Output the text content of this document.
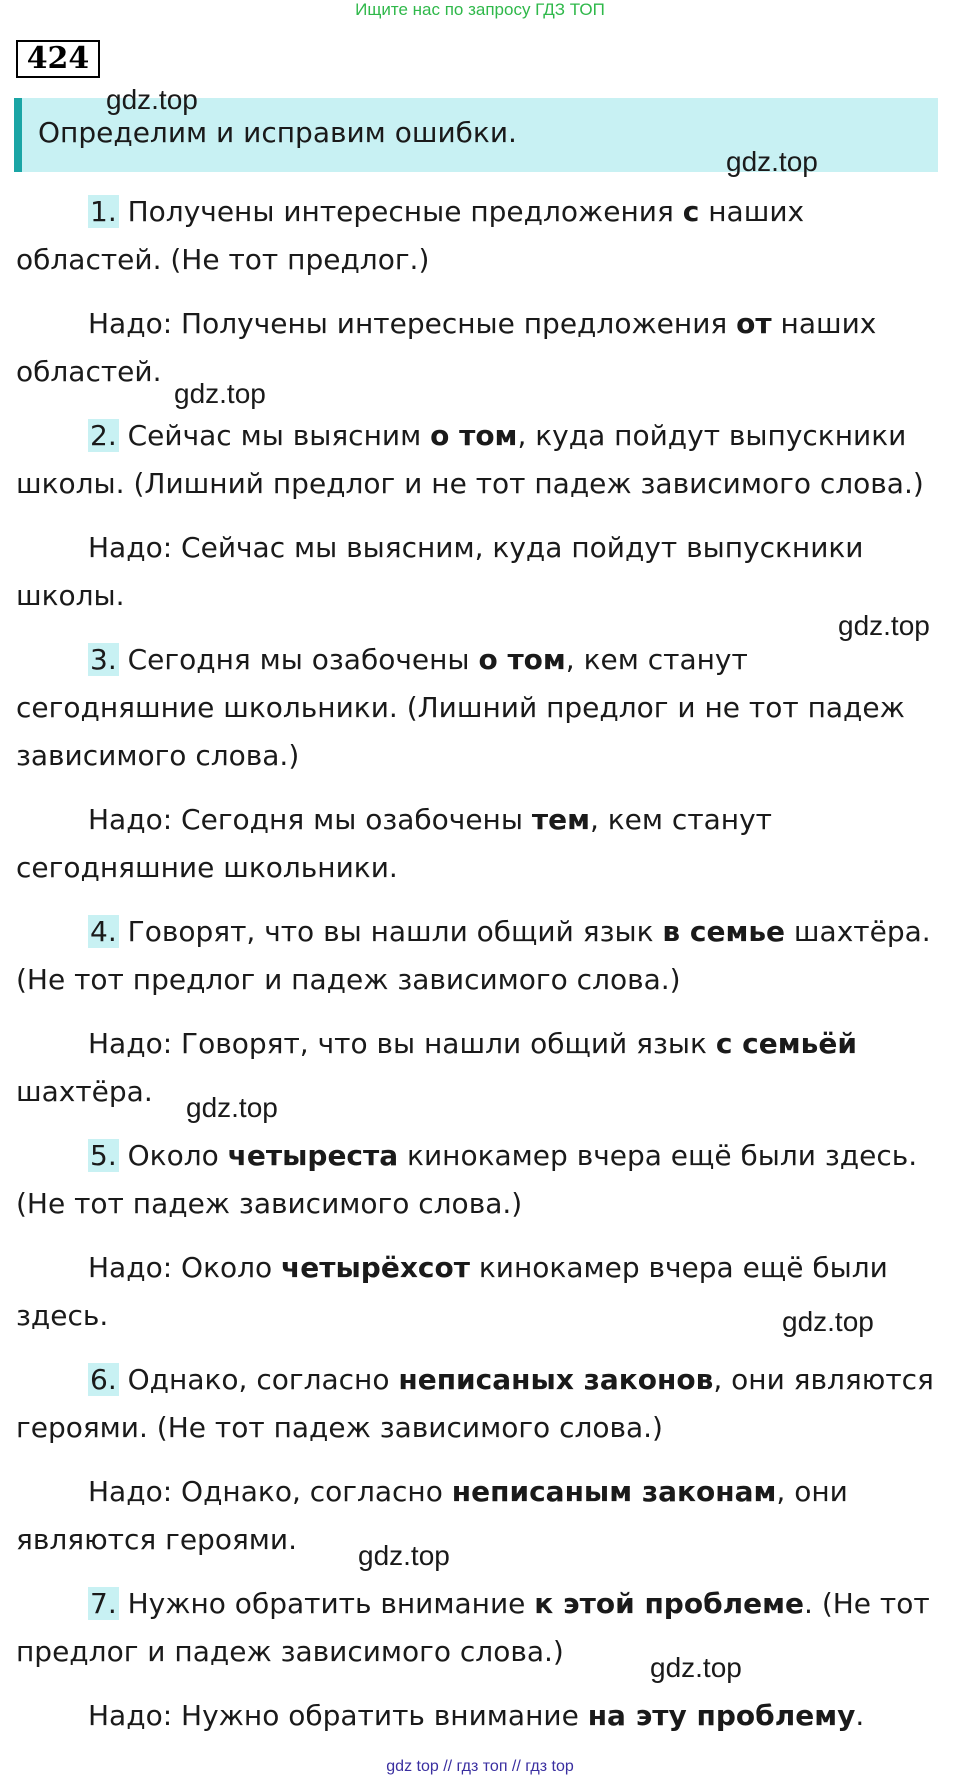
Ищите нас по запросу ГДЗ ТОП
424
Определим и исправим ошибки.

1. Получены интересные предложения с наших областей. (Не тот предлог.)

Надо: Получены интересные предложения от наших областей.

2. Сейчас мы выясним о том, куда пойдут выпускники школы. (Лишний предлог и не тот падеж зависимого слова.)

Надо: Сейчас мы выясним, куда пойдут выпускники школы.

3. Сегодня мы озабочены о том, кем станут сегодняшние школьники. (Лишний предлог и не тот падеж зависимого слова.)

Надо: Сегодня мы озабочены тем, кем станут сегодняшние школьники.

4. Говорят, что вы нашли общий язык в семье шахтёра. (Не тот предлог и падеж зависимого слова.)

Надо: Говорят, что вы нашли общий язык с семьёй шахтёра.

5. Около четыреста кинокамер вчера ещё были здесь. (Не тот падеж зависимого слова.)

Надо: Около четырёхсот кинокамер вчера ещё были здесь.

6. Однако, согласно неписаных законов, они являются героями. (Не тот падеж зависимого слова.)

Надо: Однако, согласно неписаным законам, они являются героями.

7. Нужно обратить внимание к этой проблеме. (Не тот предлог и падеж зависимого слова.)

Надо: Нужно обратить внимание на эту проблему.

gdz.top
gdz.top
gdz.top
gdz.top
gdz.top
gdz.top
gdz.top
gdz.top
gdz top // гдз топ // гдз top
